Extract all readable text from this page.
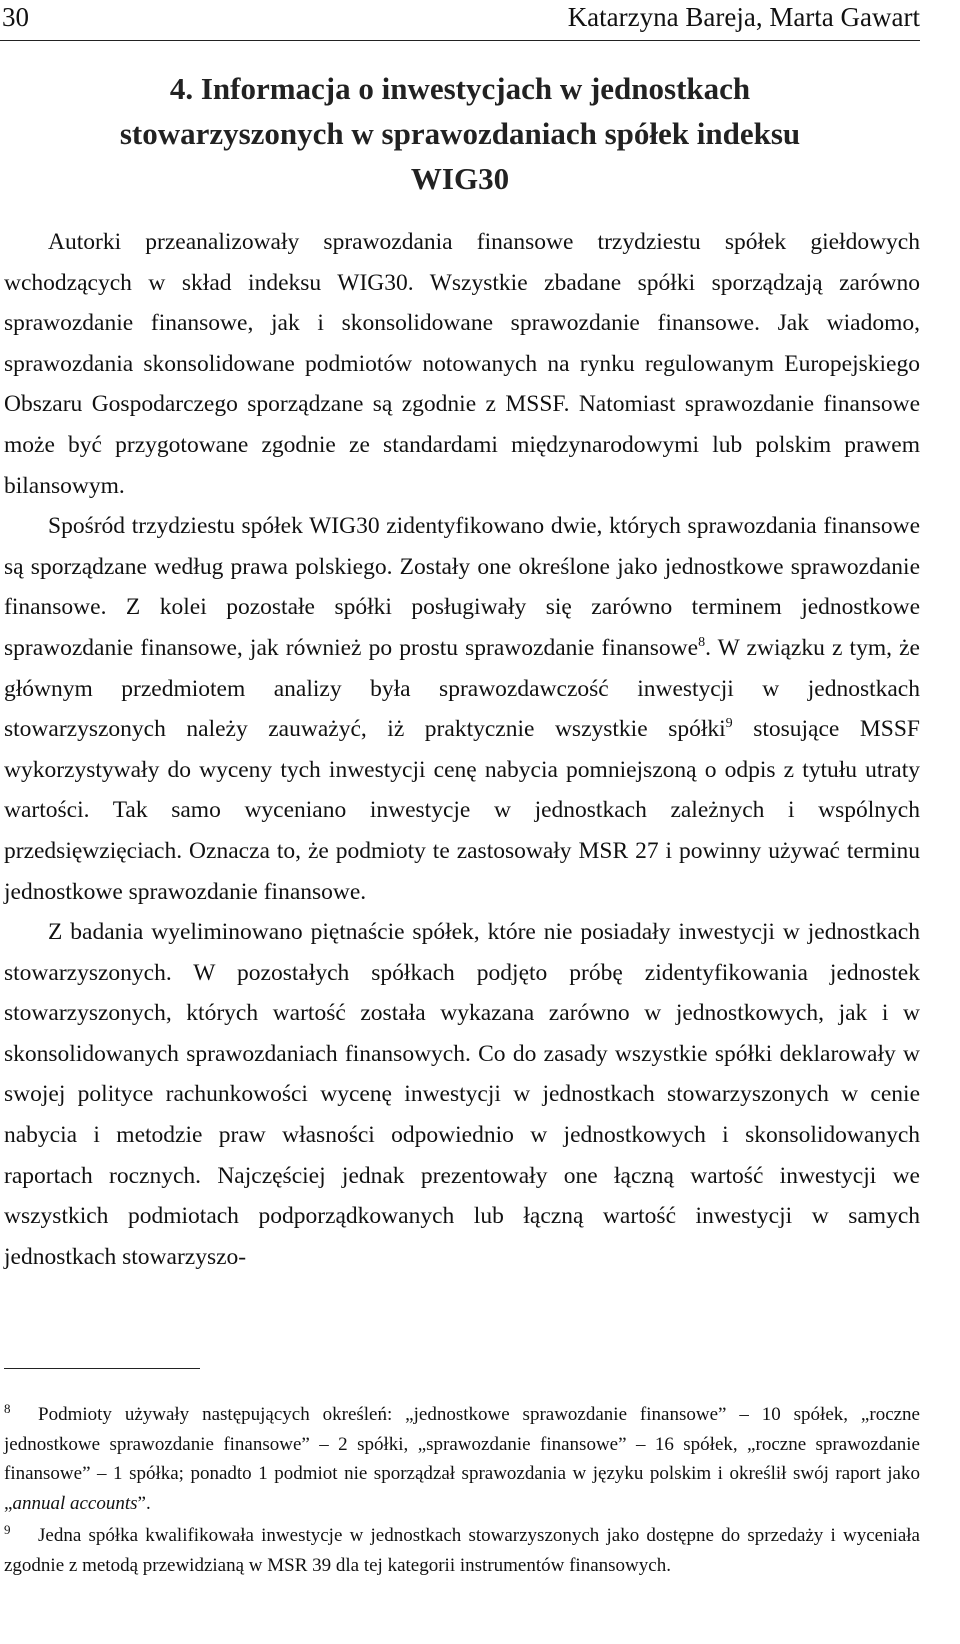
30	Katarzyna Bareja, Marta Gawart
4. Informacja o inwestycjach w jednostkach
stowarzyszonych w sprawozdaniach spółek indeksu
WIG30

Autorki przeanalizowały sprawozdania finansowe trzydziestu spółek giełdowych wchodzących w skład indeksu WIG30. Wszystkie zbadane spółki sporządzają zarówno sprawozdanie finansowe, jak i skonsolidowane sprawozdanie finansowe. Jak wiadomo, sprawozdania skonsolidowane podmiotów notowanych na rynku regulowanym Europejskiego Obszaru Gospodarczego sporządzane są zgodnie z MSSF. Natomiast sprawozdanie finansowe może być przygotowane zgodnie ze standardami międzynarodowymi lub polskim prawem bilansowym.

Spośród trzydziestu spółek WIG30 zidentyfikowano dwie, których sprawozdania finansowe są sporządzane według prawa polskiego. Zostały one określone jako jednostkowe sprawozdanie finansowe. Z kolei pozostałe spółki posługiwały się zarówno terminem jednostkowe sprawozdanie finansowe, jak również po prostu sprawozdanie finansowe$^8$. W związku z tym, że głównym przedmiotem analizy była sprawozdawczość inwestycji w jednostkach stowarzyszonych należy zauważyć, iż praktycznie wszystkie spółki$^9$ stosujące MSSF wykorzystywały do wyceny tych inwestycji cenę nabycia pomniejszoną o odpis z tytułu utraty wartości. Tak samo wyceniano inwestycje w jednostkach zależnych i wspólnych przedsięwzięciach. Oznacza to, że podmioty te zastosowały MSR 27 i powinny używać terminu jednostkowe sprawozdanie finansowe.

Z badania wyeliminowano piętnaście spółek, które nie posiadały inwestycji w jednostkach stowarzyszonych. W pozostałych spółkach podjęto próbę zidentyfikowania jednostek stowarzyszonych, których wartość została wykazana zarówno w jednostkowych, jak i w skonsolidowanych sprawozdaniach finansowych. Co do zasady wszystkie spółki deklarowały w swojej polityce rachunkowości wycenę inwestycji w jednostkach stowarzyszonych w cenie nabycia i metodzie praw własności odpowiednio w jednostkowych i skonsolidowanych raportach rocznych. Najczęściej jednak prezentowały one łączną wartość inwestycji we wszystkich podmiotach podporządkowanych lub łączną wartość inwestycji w samych jednostkach stowarzyszo-

8 Podmioty używały następujących określeń: „jednostkowe sprawozdanie finansowe” – 10 spółek, „roczne jednostkowe sprawozdanie finansowe” – 2 spółki, „sprawozdanie finansowe” – 16 spółek, „roczne sprawozdanie finansowe” – 1 spółka; ponadto 1 podmiot nie sporządzał sprawozdania w języku polskim i określił swój raport jako „annual accounts”.

9 Jedna spółka kwalifikowała inwestycje w jednostkach stowarzyszonych jako dostępne do sprzedaży i wyceniała zgodnie z metodą przewidzianą w MSR 39 dla tej kategorii instrumentów finansowych.
